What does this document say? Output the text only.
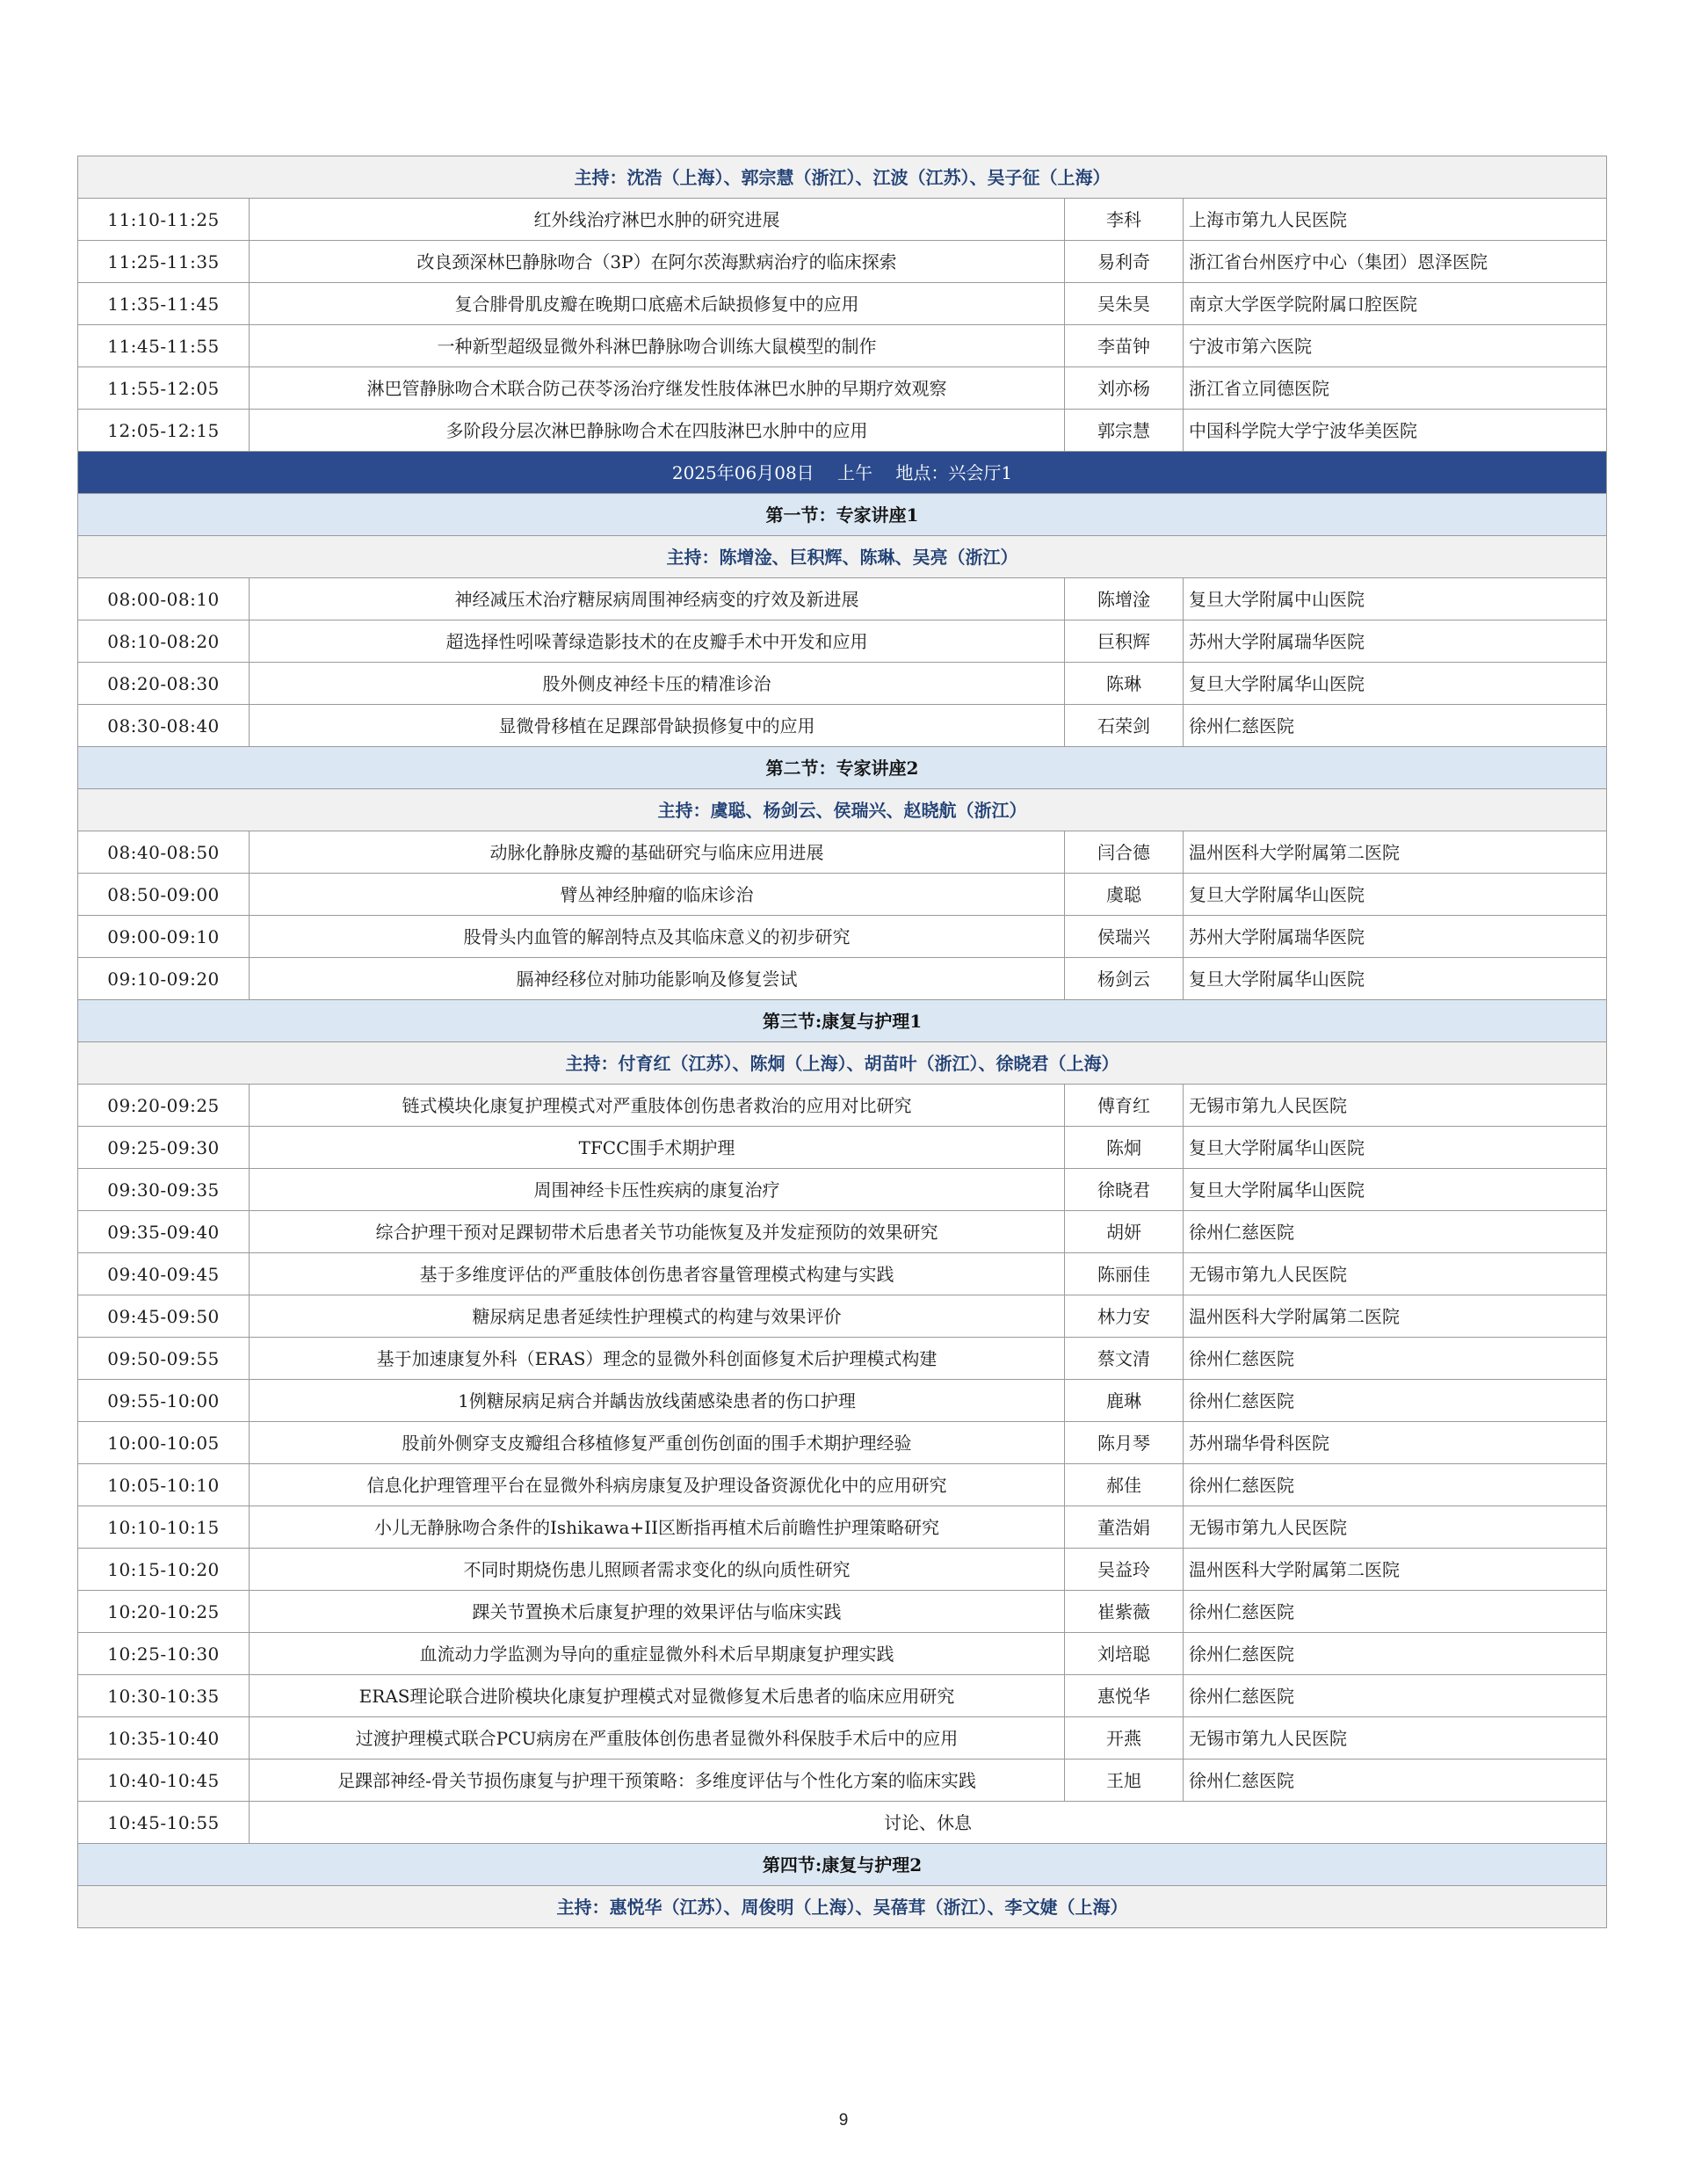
主持：沈浩（上海）、郭宗慧（浙江）、江波（江苏）、吴子征（上海）			
11:10-11:25	红外线治疗淋巴水肿的研究进展	李科	上海市第九人民医院
11:25-11:35	改良颈深林巴静脉吻合（3P）在阿尔茨海默病治疗的临床探索	易利奇	浙江省台州医疗中心（集团）恩泽医院
11:35-11:45	复合腓骨肌皮瓣在晚期口底癌术后缺损修复中的应用	吴朱昊	南京大学医学院附属口腔医院
11:45-11:55	一种新型超级显微外科淋巴静脉吻合训练大鼠模型的制作	李苗钟	宁波市第六医院
11:55-12:05	淋巴管静脉吻合术联合防己茯苓汤治疗继发性肢体淋巴水肿的早期疗效观察	刘亦杨	浙江省立同德医院
12:05-12:15	多阶段分层次淋巴静脉吻合术在四肢淋巴水肿中的应用	郭宗慧	中国科学院大学宁波华美医院
2025年06月08日　 上午　 地点：兴会厅1			
第一节：专家讲座1			
主持：陈增淦、巨积辉、陈琳、吴亮（浙江）			
08:00-08:10	神经减压术治疗糖尿病周围神经病变的疗效及新进展	陈增淦	复旦大学附属中山医院
08:10-08:20	超选择性吲哚菁绿造影技术的在皮瓣手术中开发和应用	巨积辉	苏州大学附属瑞华医院
08:20-08:30	股外侧皮神经卡压的精准诊治	陈琳	复旦大学附属华山医院
08:30-08:40	显微骨移植在足踝部骨缺损修复中的应用	石荣剑	徐州仁慈医院
第二节：专家讲座2			
主持：虞聪、杨剑云、侯瑞兴、赵晓航（浙江）			
08:40-08:50	动脉化静脉皮瓣的基础研究与临床应用进展	闫合德	温州医科大学附属第二医院
08:50-09:00	臂丛神经肿瘤的临床诊治	虞聪	复旦大学附属华山医院
09:00-09:10	股骨头内血管的解剖特点及其临床意义的初步研究	侯瑞兴	苏州大学附属瑞华医院
09:10-09:20	膈神经移位对肺功能影响及修复尝试	杨剑云	复旦大学附属华山医院
第三节:康复与护理1			
主持：付育红（江苏）、陈炯（上海）、胡苗叶（浙江）、徐晓君（上海）			
09:20-09:25	链式模块化康复护理模式对严重肢体创伤患者救治的应用对比研究	傅育红	无锡市第九人民医院
09:25-09:30	TFCC围手术期护理	陈炯	复旦大学附属华山医院
09:30-09:35	周围神经卡压性疾病的康复治疗	徐晓君	复旦大学附属华山医院
09:35-09:40	综合护理干预对足踝韧带术后患者关节功能恢复及并发症预防的效果研究	胡妍	徐州仁慈医院
09:40-09:45	基于多维度评估的严重肢体创伤患者容量管理模式构建与实践	陈丽佳	无锡市第九人民医院
09:45-09:50	糖尿病足患者延续性护理模式的构建与效果评价	林力安	温州医科大学附属第二医院
09:50-09:55	基于加速康复外科（ERAS）理念的显微外科创面修复术后护理模式构建	蔡文清	徐州仁慈医院
09:55-10:00	1例糖尿病足病合并龋齿放线菌感染患者的伤口护理	鹿琳	徐州仁慈医院
10:00-10:05	股前外侧穿支皮瓣组合移植修复严重创伤创面的围手术期护理经验	陈月琴	苏州瑞华骨科医院
10:05-10:10	信息化护理管理平台在显微外科病房康复及护理设备资源优化中的应用研究	郝佳	徐州仁慈医院
10:10-10:15	小儿无静脉吻合条件的Ishikawa+II区断指再植术后前瞻性护理策略研究	董浩娟	无锡市第九人民医院
10:15-10:20	不同时期烧伤患儿照顾者需求变化的纵向质性研究	吴益玲	温州医科大学附属第二医院
10:20-10:25	踝关节置换术后康复护理的效果评估与临床实践	崔紫薇	徐州仁慈医院
10:25-10:30	血流动力学监测为导向的重症显微外科术后早期康复护理实践	刘培聪	徐州仁慈医院
10:30-10:35	ERAS理论联合进阶模块化康复护理模式对显微修复术后患者的临床应用研究	惠悦华	徐州仁慈医院
10:35-10:40	过渡护理模式联合PCU病房在严重肢体创伤患者显微外科保肢手术后中的应用	开燕	无锡市第九人民医院
10:40-10:45	足踝部神经-骨关节损伤康复与护理干预策略：多维度评估与个性化方案的临床实践	王旭	徐州仁慈医院
10:45-10:55	讨论、休息		
第四节:康复与护理2			
主持：惠悦华（江苏）、周俊明（上海）、吴蓓茸（浙江）、李文婕（上海）			
9
